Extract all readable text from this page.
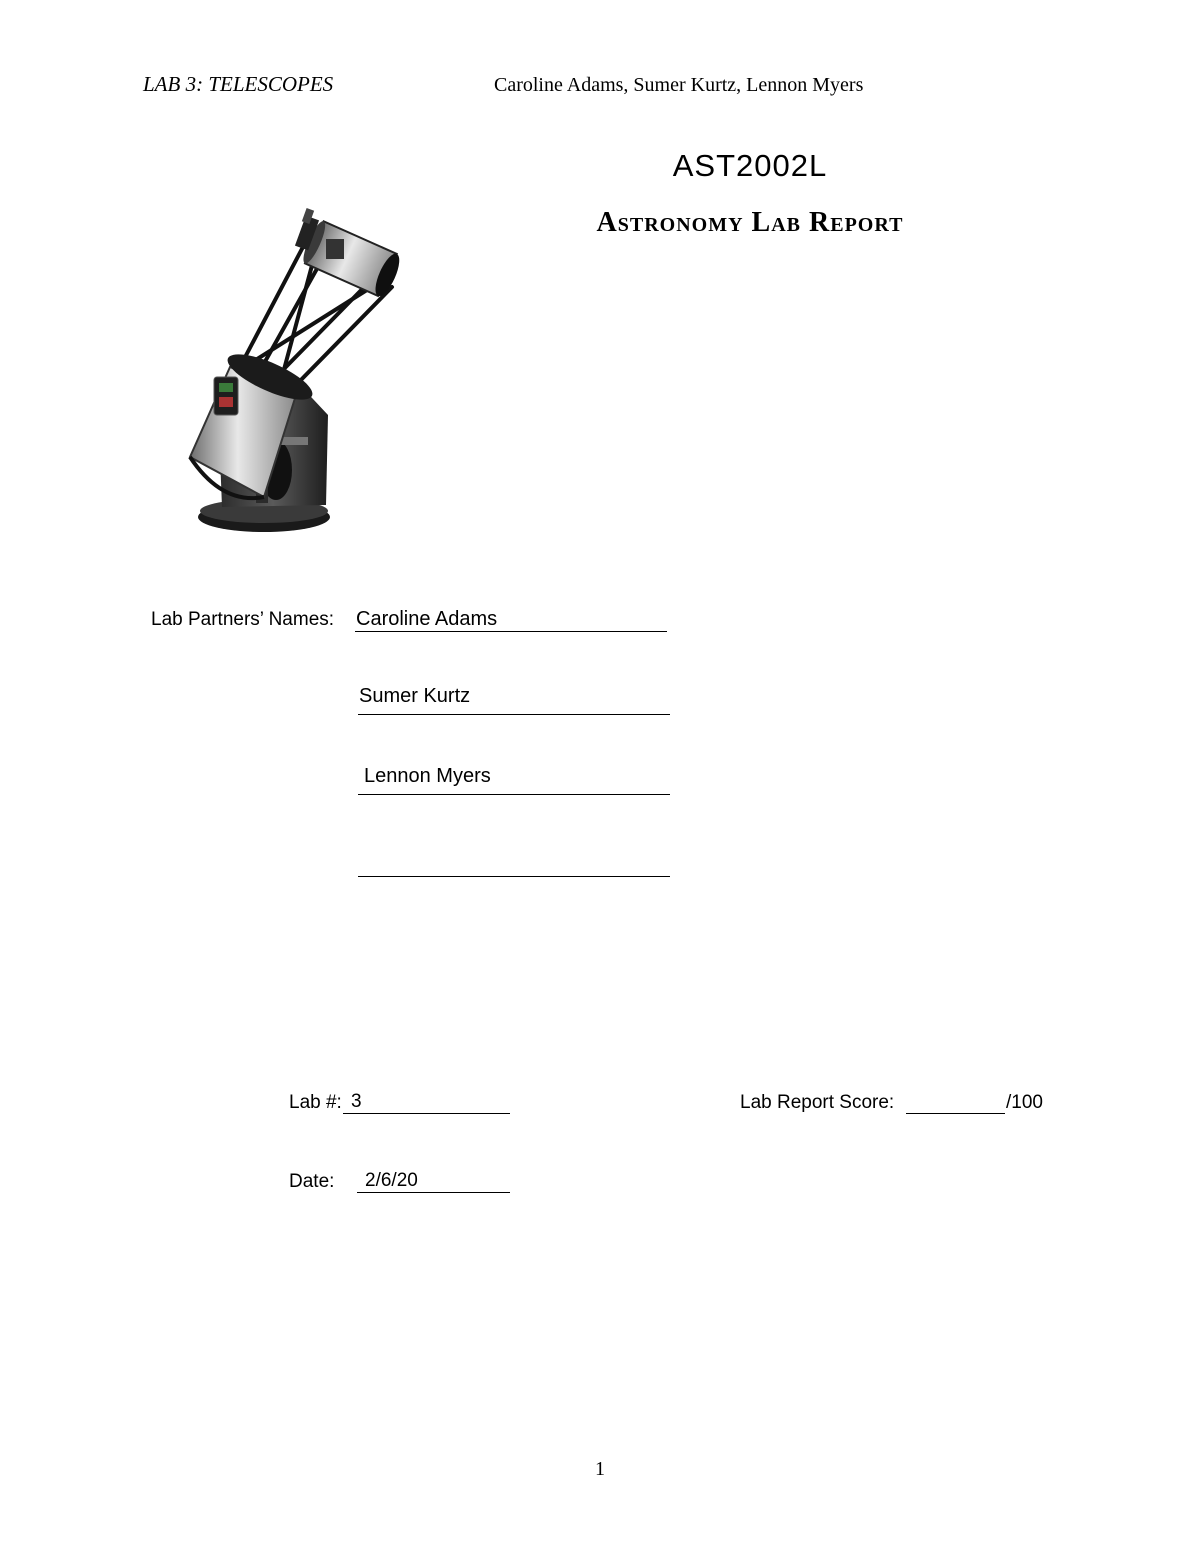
LAB 3: TELESCOPES	Caroline Adams, Sumer Kurtz, Lennon Myers
AST2002L
Astronomy Lab Report
Lab Partners’ Names: Caroline Adams
Sumer Kurtz
Lennon Myers
Lab #: 3	Lab Report Score:	/100
Date: 2/6/20
1
